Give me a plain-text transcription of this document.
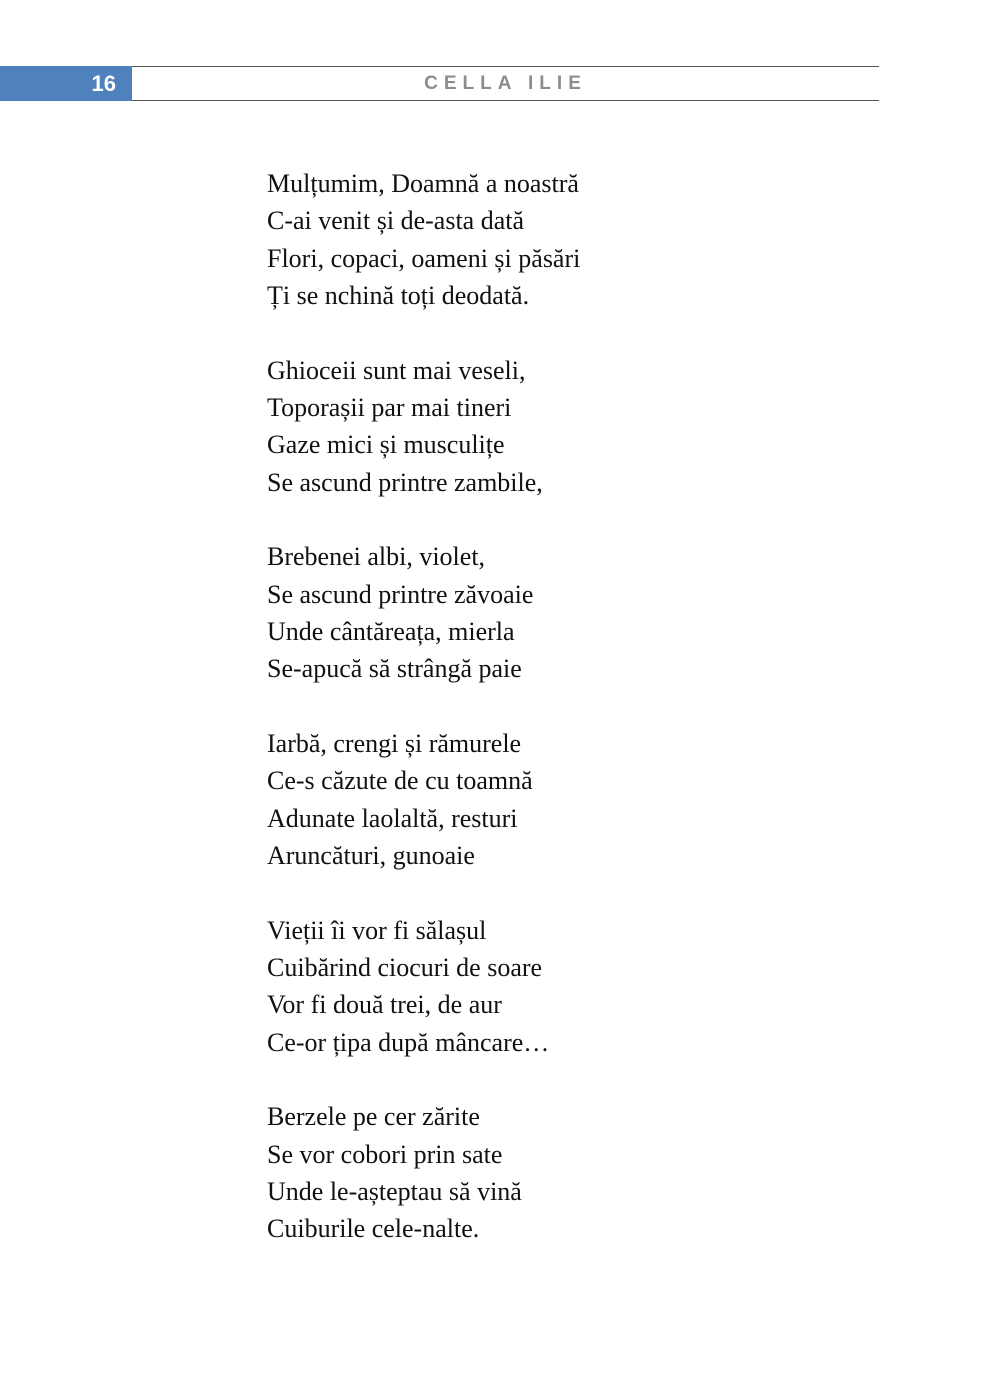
16	CELLA ILIE
Mulțumim, Doamnă a noastră
C-ai venit și de-asta dată
Flori, copaci, oameni și păsări
Ți se nchină toți deodată.
Ghioceii sunt mai veseli,
Toporașii par mai tineri
Gaze mici și musculițe
Se ascund printre zambile,
Brebenei albi, violet,
Se ascund printre zăvoaie
Unde cântăreața, mierla
Se-apucă să strângă paie
Iarbă, crengi și rămurele
Ce-s căzute de cu toamnă
Adunate laolaltă, resturi
Aruncături, gunoaie
Vieții îi vor fi sălașul
Cuibărind ciocuri de soare
Vor fi două trei, de aur
Ce-or țipa după mâncare…
Berzele pe cer zărite
Se vor cobori prin sate
Unde le-așteptau să vină
Cuiburile cele-nalte.
